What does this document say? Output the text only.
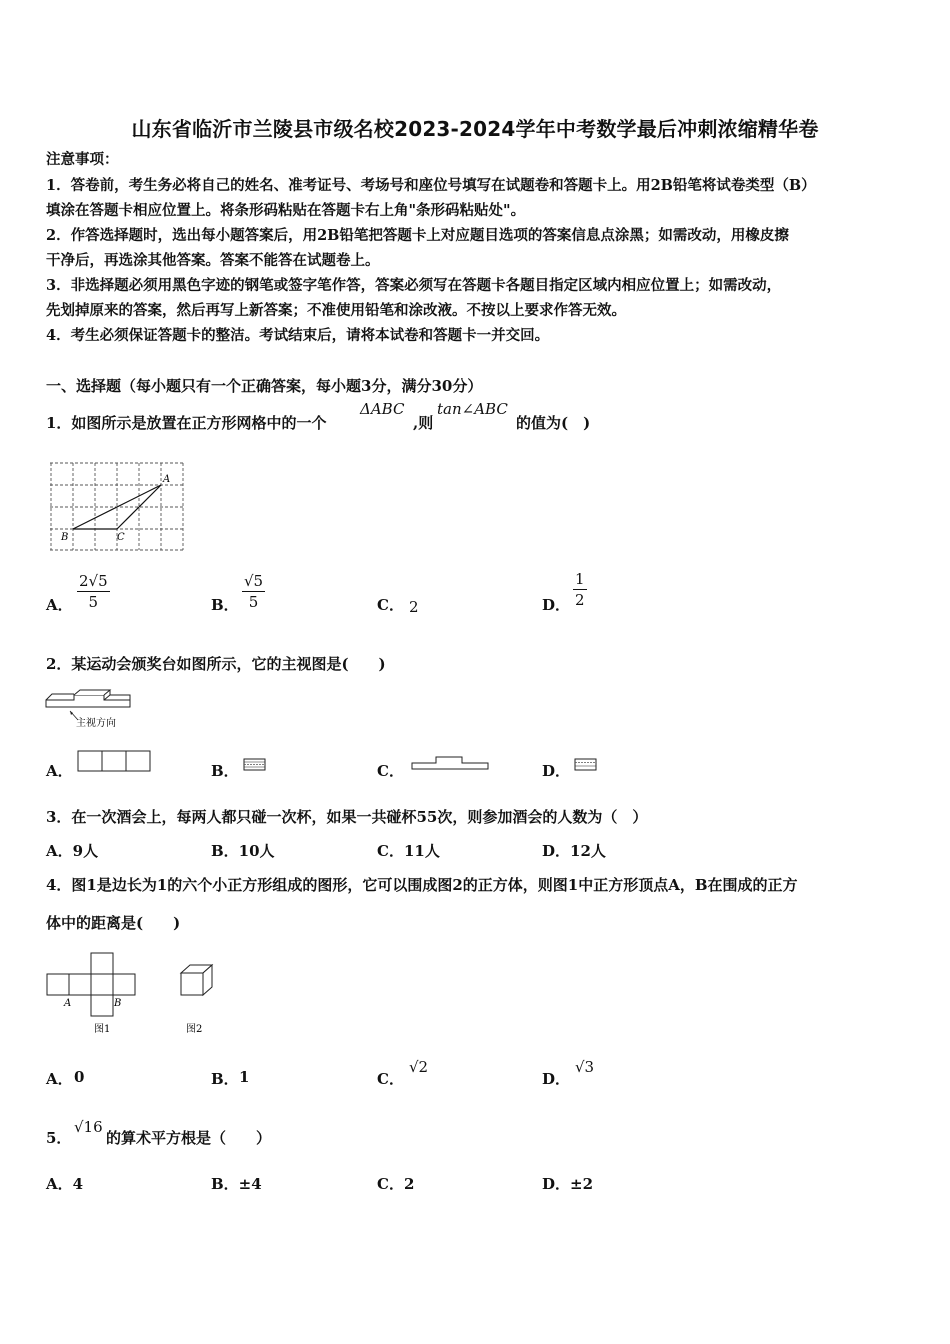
山东省临沂市兰陵县市级名校2023-2024学年中考数学最后冲刺浓缩精华卷
注意事项：
1．答卷前，考生务必将自己的姓名、准考证号、考场号和座位号填写在试题卷和答题卡上。用2B铅笔将试卷类型（B）
填涂在答题卡相应位置上。将条形码粘贴在答题卡右上角"条形码粘贴处"。
2．作答选择题时，选出每小题答案后，用2B铅笔把答题卡上对应题目选项的答案信息点涂黑；如需改动，用橡皮擦
干净后，再选涂其他答案。答案不能答在试题卷上。
3．非选择题必须用黑色字迹的钢笔或签字笔作答，答案必须写在答题卡各题目指定区域内相应位置上；如需改动，
先划掉原来的答案，然后再写上新答案；不准使用铅笔和涂改液。不按以上要求作答无效。
4．考生必须保证答题卡的整洁。考试结束后，请将本试卷和答题卡一并交回。
一、选择题（每小题只有一个正确答案，每小题3分，满分30分）
1．如图所示是放置在正方形网格中的一个
ΔABC
,则
tan∠ABC
的值为(　)
A
B	C
A．
2√5
5	B．
√5
5	C． 2	D．
1
2
2．某运动会颁奖台如图所示，它的主视图是(　　)
主视方向
A．	B．	C．	D．
3．在一次酒会上，每两人都只碰一次杯，如果一共碰杯55次，则参加酒会的人数为（　）
A．9人	B．10人	C．11人	D．12人
4．图1是边长为1的六个小正方形组成的图形，它可以围成图2的正方体，则图1中正方形顶点A，B在围成的正方
体中的距离是(　　)
A	B
图1	图2
A． 0	B． 1	C．
√2
D．
√3
5．
√16
的算术平方根是（　　）
A．4	B．±4	C．2	D．±2
